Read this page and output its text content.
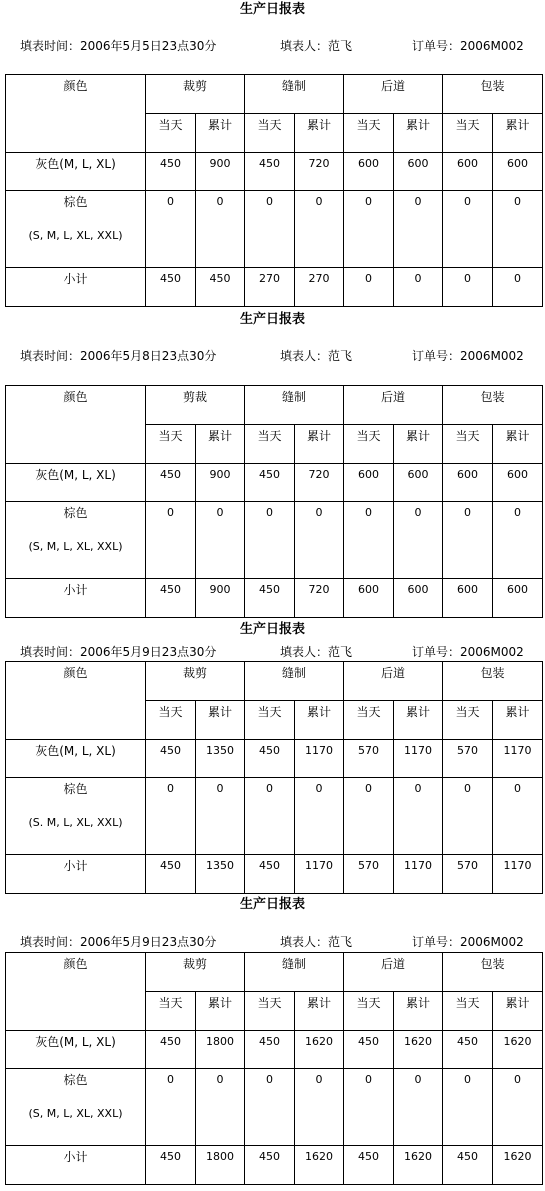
生产日报表
填表时间：2006年5月5日23点30分	填表人：范飞	订单号：2006M002
颜色	裁剪		缝制		后道		包装	

	当天	累计	当天	累计	当天	累计	当天	累计

灰色(M, L, XL)	450	900	450	720	600	600	600	600

棕色
(S, M, L, XL, XXL)	0	0	0	0	0	0	0	0

小计	450	450	270	270	0	0	0	0
生产日报表
填表时间：2006年5月8日23点30分	填表人：范飞	订单号：2006M002
颜色	剪裁		缝制		后道		包装	

	当天	累计	当天	累计	当天	累计	当天	累计

灰色(M, L, XL)	450	900	450	720	600	600	600	600

棕色
(S, M, L, XL, XXL)	0	0	0	0	0	0	0	0

小计	450	900	450	720	600	600	600	600
生产日报表
填表时间：2006年5月9日23点30分	填表人：范飞	订单号：2006M002
颜色	裁剪		缝制		后道		包装	

	当天	累计	当天	累计	当天	累计	当天	累计

灰色(M, L, XL)	450	1350	450	1170	570	1170	570	1170

棕色
(S. M, L, XL, XXL)	0	0	0	0	0	0	0	0

小计	450	1350	450	1170	570	1170	570	1170
生产日报表
填表时间：2006年5月9日23点30分	填表人：范飞	订单号：2006M002
颜色	裁剪		缝制		后道		包装	

	当天	累计	当天	累计	当天	累计	当天	累计

灰色(M, L, XL)	450	1800	450	1620	450	1620	450	1620

棕色
(S, M, L, XL, XXL)	0	0	0	0	0	0	0	0

小计	450	1800	450	1620	450	1620	450	1620
